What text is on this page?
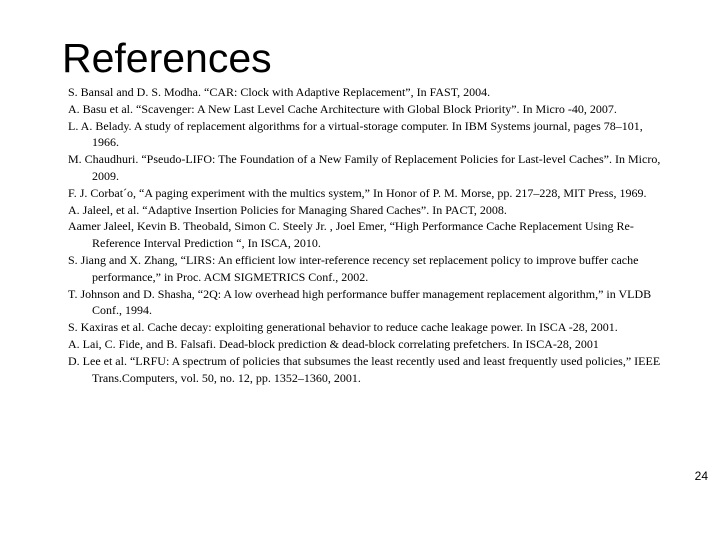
References
S. Bansal and D. S. Modha. “CAR: Clock with Adaptive Replacement”, In FAST, 2004.
A. Basu et al. “Scavenger: A New Last Level Cache Architecture with Global Block Priority”. In Micro -40, 2007.
L. A. Belady. A study of replacement algorithms for a virtual-storage computer. In IBM Systems journal, pages 78–101, 1966.
M. Chaudhuri. “Pseudo-LIFO: The Foundation of a New Family of Replacement Policies for Last-level Caches”. In Micro, 2009.
F. J. Corbat´o, “A paging experiment with the multics system,” In Honor of P. M. Morse, pp. 217–228, MIT Press, 1969.
A. Jaleel, et al. “Adaptive Insertion Policies for Managing Shared Caches”. In PACT, 2008.
Aamer Jaleel, Kevin B. Theobald, Simon C. Steely Jr. , Joel Emer, “High Performance Cache Replacement Using Re-Reference Interval Prediction “, In ISCA, 2010.
S. Jiang and X. Zhang, “LIRS: An efficient low inter-reference recency set replacement policy to improve buffer cache performance,” in Proc. ACM SIGMETRICS Conf., 2002.
T. Johnson and D. Shasha, “2Q: A low overhead high performance buffer management replacement algorithm,” in VLDB Conf., 1994.
S. Kaxiras et al. Cache decay: exploiting generational behavior to reduce cache leakage power. In ISCA -28, 2001.
A. Lai, C. Fide, and B. Falsafi. Dead-block prediction & dead-block correlating prefetchers. In ISCA-28, 2001
D. Lee et al. “LRFU: A spectrum of policies that subsumes the least recently used and least frequently used policies,” IEEE Trans.Computers, vol. 50, no. 12, pp. 1352–1360, 2001.
24
